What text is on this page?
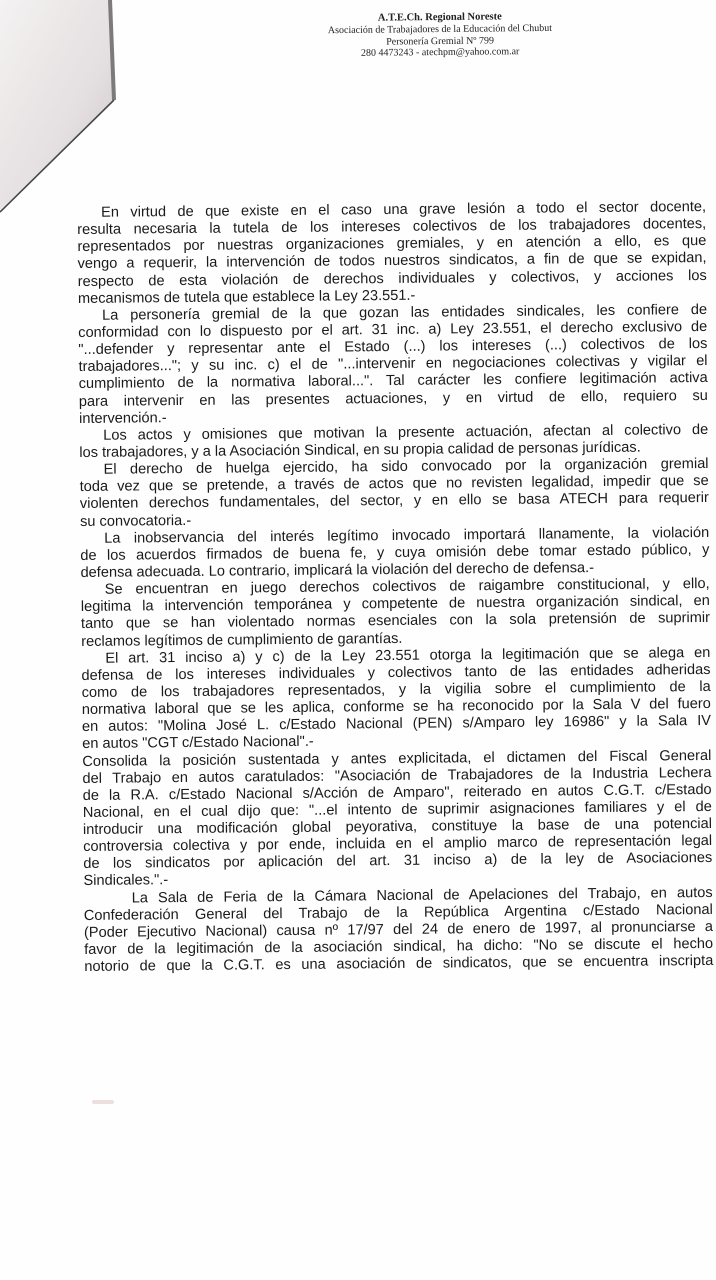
A.T.E.Ch. Regional Noreste
Asociación de Trabajadores de la Educación del Chubut
Personería Gremial Nº 799
280 4473243 - atechpm@yahoo.com.ar
En virtud de que existe en el caso una grave lesión a todo el sector docente,
resulta necesaria la tutela de los intereses colectivos de los trabajadores docentes,
representados por nuestras organizaciones gremiales, y en atención a ello, es que
vengo a requerir, la intervención de todos nuestros sindicatos, a fin de que se expidan,
respecto de esta violación de derechos individuales y colectivos, y acciones los
mecanismos de tutela que establece la Ley 23.551.-
La personería gremial de la que gozan las entidades sindicales, les confiere de
conformidad con lo dispuesto por el art. 31 inc. a) Ley 23.551, el derecho exclusivo de
"...defender y representar ante el Estado (...) los intereses (...) colectivos de los
trabajadores..."; y su inc. c) el de "...intervenir en negociaciones colectivas y vigilar el
cumplimiento de la normativa laboral...". Tal carácter les confiere legitimación activa
para intervenir en las presentes actuaciones, y en virtud de ello, requiero su
intervención.-
Los actos y omisiones que motivan la presente actuación, afectan al colectivo de
los trabajadores, y a la Asociación Sindical, en su propia calidad de personas jurídicas.
El derecho de huelga ejercido, ha sido convocado por la organización gremial
toda vez que se pretende, a través de actos que no revisten legalidad, impedir que se
violenten derechos fundamentales, del sector, y en ello se basa ATECH para requerir
su convocatoria.-
La inobservancia del interés legítimo invocado importará llanamente, la violación
de los acuerdos firmados de buena fe, y cuya omisión debe tomar estado público, y
defensa adecuada. Lo contrario, implicará la violación del derecho de defensa.-
Se encuentran en juego derechos colectivos de raigambre constitucional, y ello,
legitima la intervención temporánea y competente de nuestra organización sindical, en
tanto que se han violentado normas esenciales con la sola pretensión de suprimir
reclamos legítimos de cumplimiento de garantías.
El art. 31 inciso a) y c) de la Ley 23.551 otorga la legitimación que se alega en
defensa de los intereses individuales y colectivos tanto de las entidades adheridas
como de los trabajadores representados, y la vigilia sobre el cumplimiento de la
normativa laboral que se les aplica, conforme se ha reconocido por la Sala V del fuero
en autos: "Molina José L. c/Estado Nacional (PEN) s/Amparo ley 16986" y la Sala IV
en autos "CGT c/Estado Nacional".-
Consolida la posición sustentada y antes explicitada, el dictamen del Fiscal General
del Trabajo en autos caratulados: "Asociación de Trabajadores de la Industria Lechera
de la R.A. c/Estado Nacional s/Acción de Amparo", reiterado en autos C.G.T. c/Estado
Nacional, en el cual dijo que: "...el intento de suprimir asignaciones familiares y el de
introducir una modificación global peyorativa, constituye la base de una potencial
controversia colectiva y por ende, incluida en el amplio marco de representación legal
de los sindicatos por aplicación del art. 31 inciso a) de la ley de Asociaciones
Sindicales.".-
La Sala de Feria de la Cámara Nacional de Apelaciones del Trabajo, en autos
Confederación General del Trabajo de la República Argentina c/Estado Nacional
(Poder Ejecutivo Nacional) causa nº 17/97 del 24 de enero de 1997, al pronunciarse a
favor de la legitimación de la asociación sindical, ha dicho: "No se discute el hecho
notorio de que la C.G.T. es una asociación de sindicatos, que se encuentra inscripta
